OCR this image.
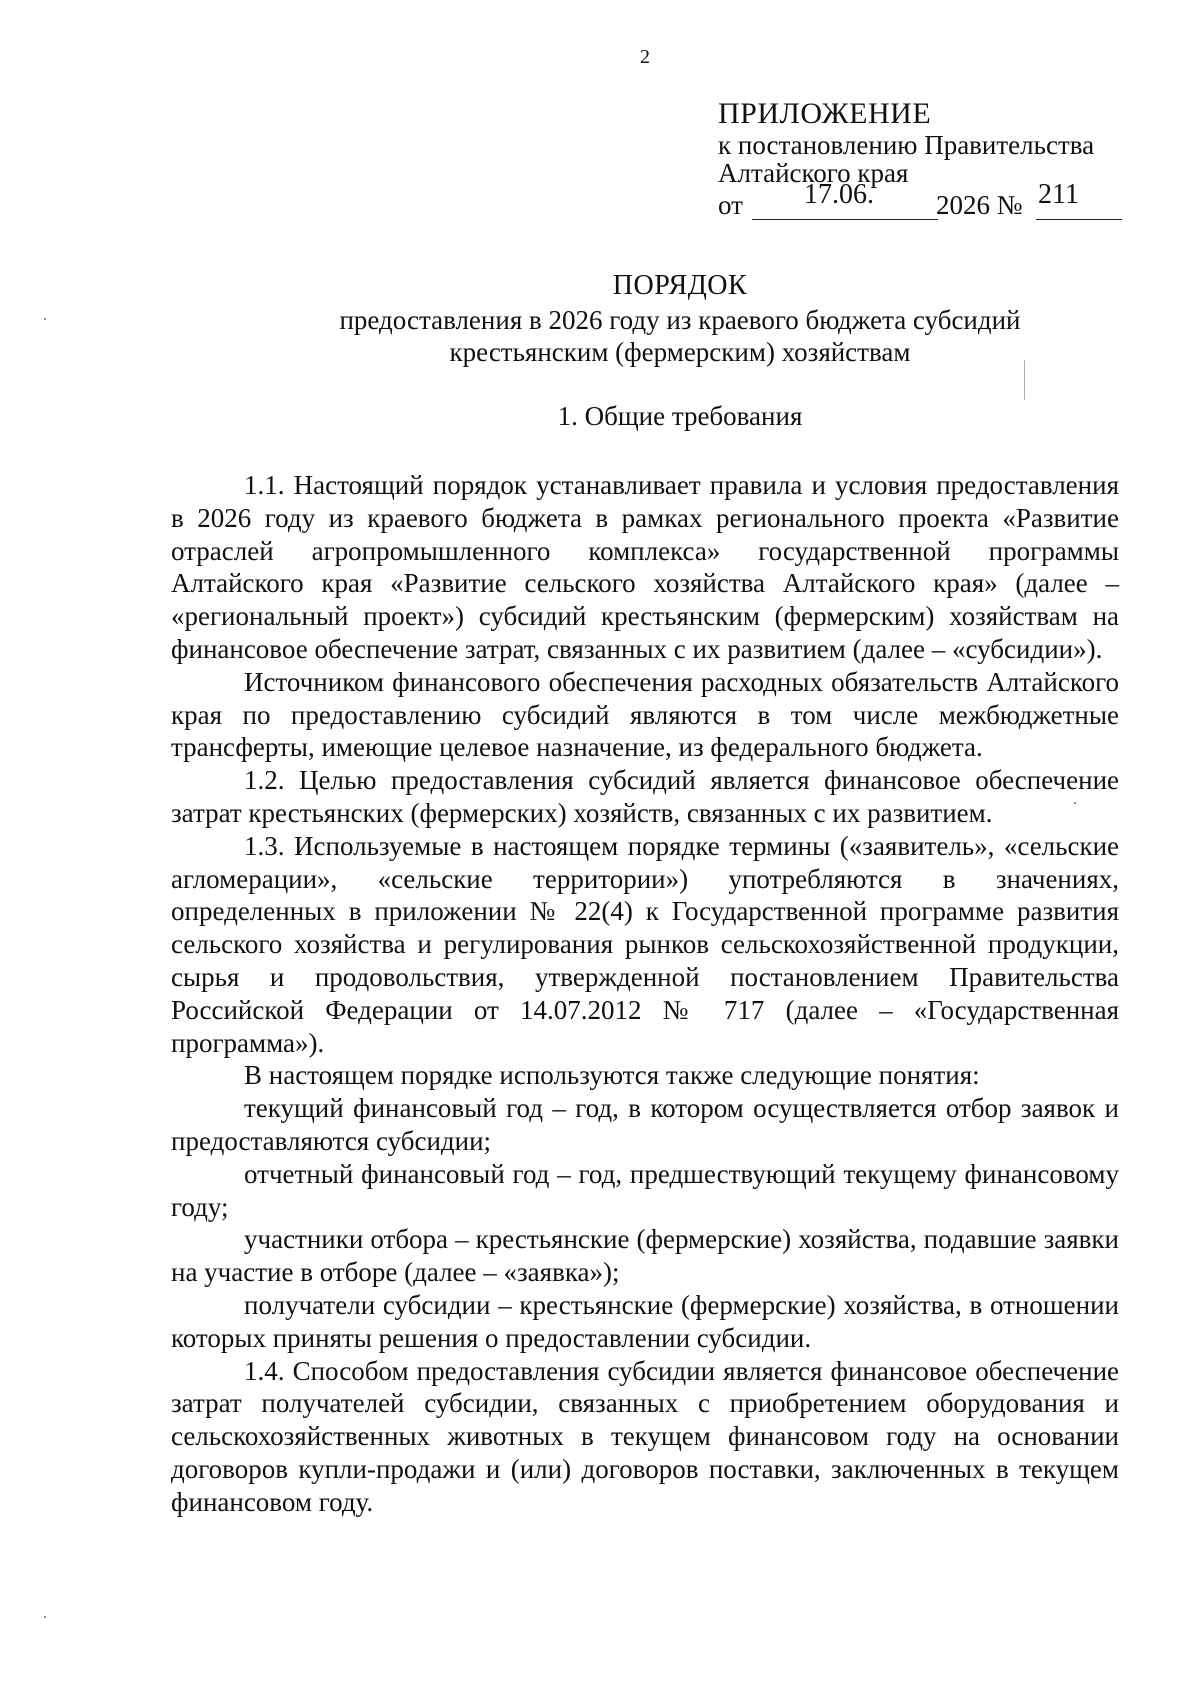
2
ПРИЛОЖЕНИЕ
к постановлению Правительства
Алтайского края
от 17.06. 2026 № 211
ПОРЯДОК
предоставления в 2026 году из краевого бюджета субсидий
крестьянским (фермерским) хозяйствам
1. Общие требования

1.1. Настоящий порядок устанавливает правила и условия предоставления в 2026 году из краевого бюджета в рамках регионального проекта «Развитие отраслей агропромышленного комплекса» государственной программы Алтайского края «Развитие сельского хозяйства Алтайского края» (далее – «региональный проект») субсидий крестьянским (фермерским) хозяйствам на финансовое обеспечение затрат, связанных с их развитием (далее – «субсидии»).

Источником финансового обеспечения расходных обязательств Алтайского края по предоставлению субсидий являются в том числе межбюджетные трансферты, имеющие целевое назначение, из федерального бюджета.

1.2. Целью предоставления субсидий является финансовое обеспечение затрат крестьянских (фермерских) хозяйств, связанных с их развитием.

1.3. Используемые в настоящем порядке термины («заявитель», «сельские агломерации», «сельские территории») употребляются в значениях, определенных в приложении № 22(4) к Государственной программе развития сельского хозяйства и регулирования рынков сельскохозяйственной продукции, сырья и продовольствия, утвержденной постановлением Правительства Российской Федерации от 14.07.2012 № 717 (далее – «Государственная программа»).

В настоящем порядке используются также следующие понятия:

текущий финансовый год – год, в котором осуществляется отбор заявок и предоставляются субсидии;

отчетный финансовый год – год, предшествующий текущему финансовому году;

участники отбора – крестьянские (фермерские) хозяйства, подавшие заявки на участие в отборе (далее – «заявка»);

получатели субсидии – крестьянские (фермерские) хозяйства, в отношении которых приняты решения о предоставлении субсидии.

1.4. Способом предоставления субсидии является финансовое обеспечение затрат получателей субсидии, связанных с приобретением оборудования и сельскохозяйственных животных в текущем финансовом году на основании договоров купли-продажи и (или) договоров поставки, заключенных в текущем финансовом году.
